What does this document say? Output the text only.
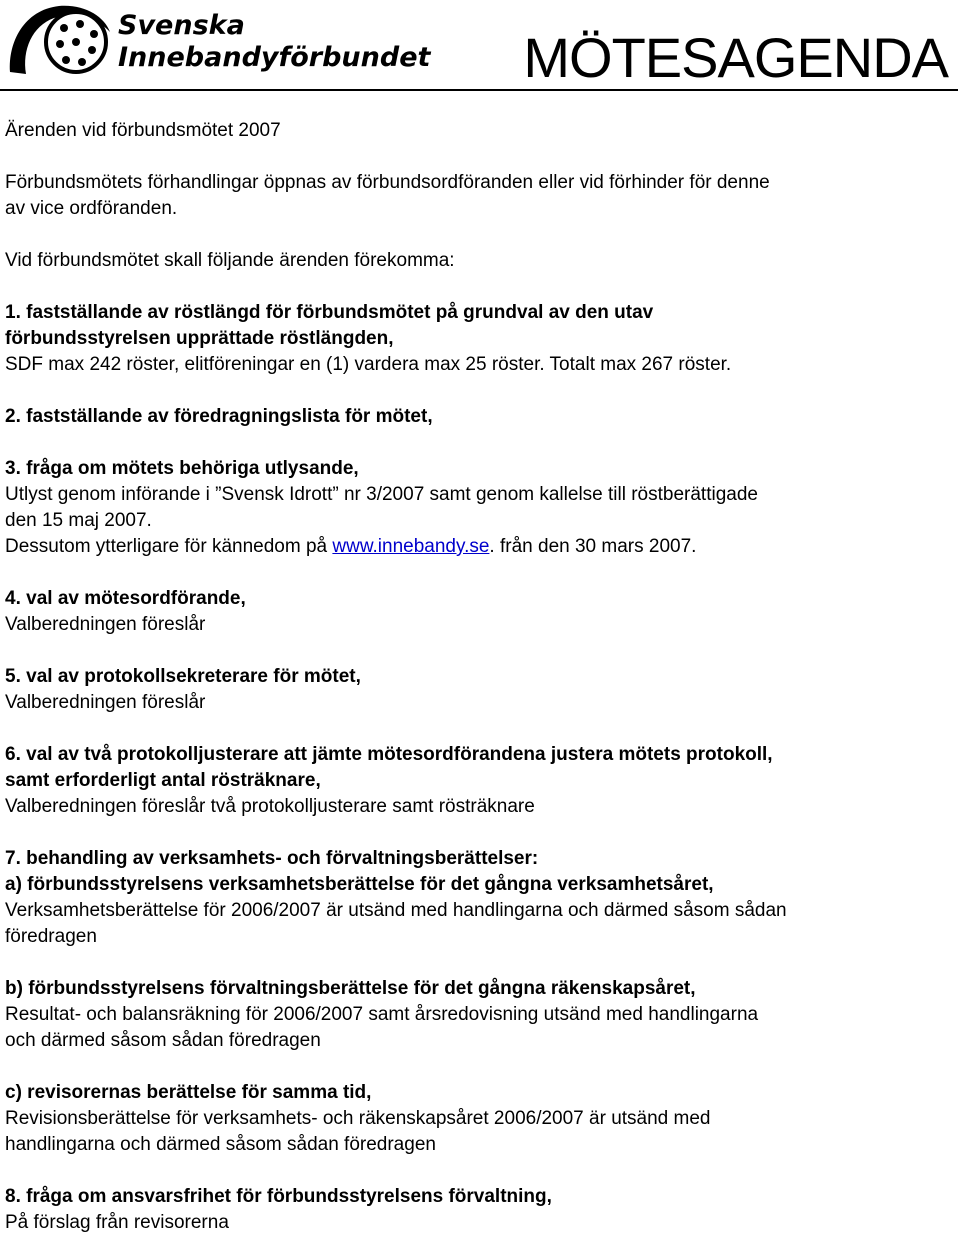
Svenska
Innebandyförbundet MÖTESAGENDA
Ärenden vid förbundsmötet 2007

Förbundsmötets förhandlingar öppnas av förbundsordföranden eller vid förhinder för denne

av vice ordföranden.

Vid förbundsmötet skall följande ärenden förekomma:

1. fastställande av röstlängd för förbundsmötet på grundval av den utav

förbundsstyrelsen upprättade röstlängden,

SDF max 242 röster, elitföreningar en (1) vardera max 25 röster. Totalt max 267 röster.

2. fastställande av föredragningslista för mötet,

3. fråga om mötets behöriga utlysande,

Utlyst genom införande i ”Svensk Idrott” nr 3/2007 samt genom kallelse till röstberättigade

den 15 maj 2007.

Dessutom ytterligare för kännedom på www.innebandy.se. från den 30 mars 2007.

4. val av mötesordförande,

Valberedningen föreslår

5. val av protokollsekreterare för mötet,

Valberedningen föreslår

6. val av två protokolljusterare att jämte mötesordförandena justera mötets protokoll,

samt erforderligt antal rösträknare,

Valberedningen föreslår två protokolljusterare samt rösträknare

7. behandling av verksamhets- och förvaltningsberättelser:

a) förbundsstyrelsens verksamhetsberättelse för det gångna verksamhetsåret,

Verksamhetsberättelse för 2006/2007 är utsänd med handlingarna och därmed såsom sådan

föredragen

b) förbundsstyrelsens förvaltningsberättelse för det gångna räkenskapsåret,

Resultat- och balansräkning för 2006/2007 samt årsredovisning utsänd med handlingarna

och därmed såsom sådan föredragen

c) revisorernas berättelse för samma tid,

Revisionsberättelse för verksamhets- och räkenskapsåret 2006/2007 är utsänd med

handlingarna och därmed såsom sådan föredragen

8. fråga om ansvarsfrihet för förbundsstyrelsens förvaltning,

På förslag från revisorerna
